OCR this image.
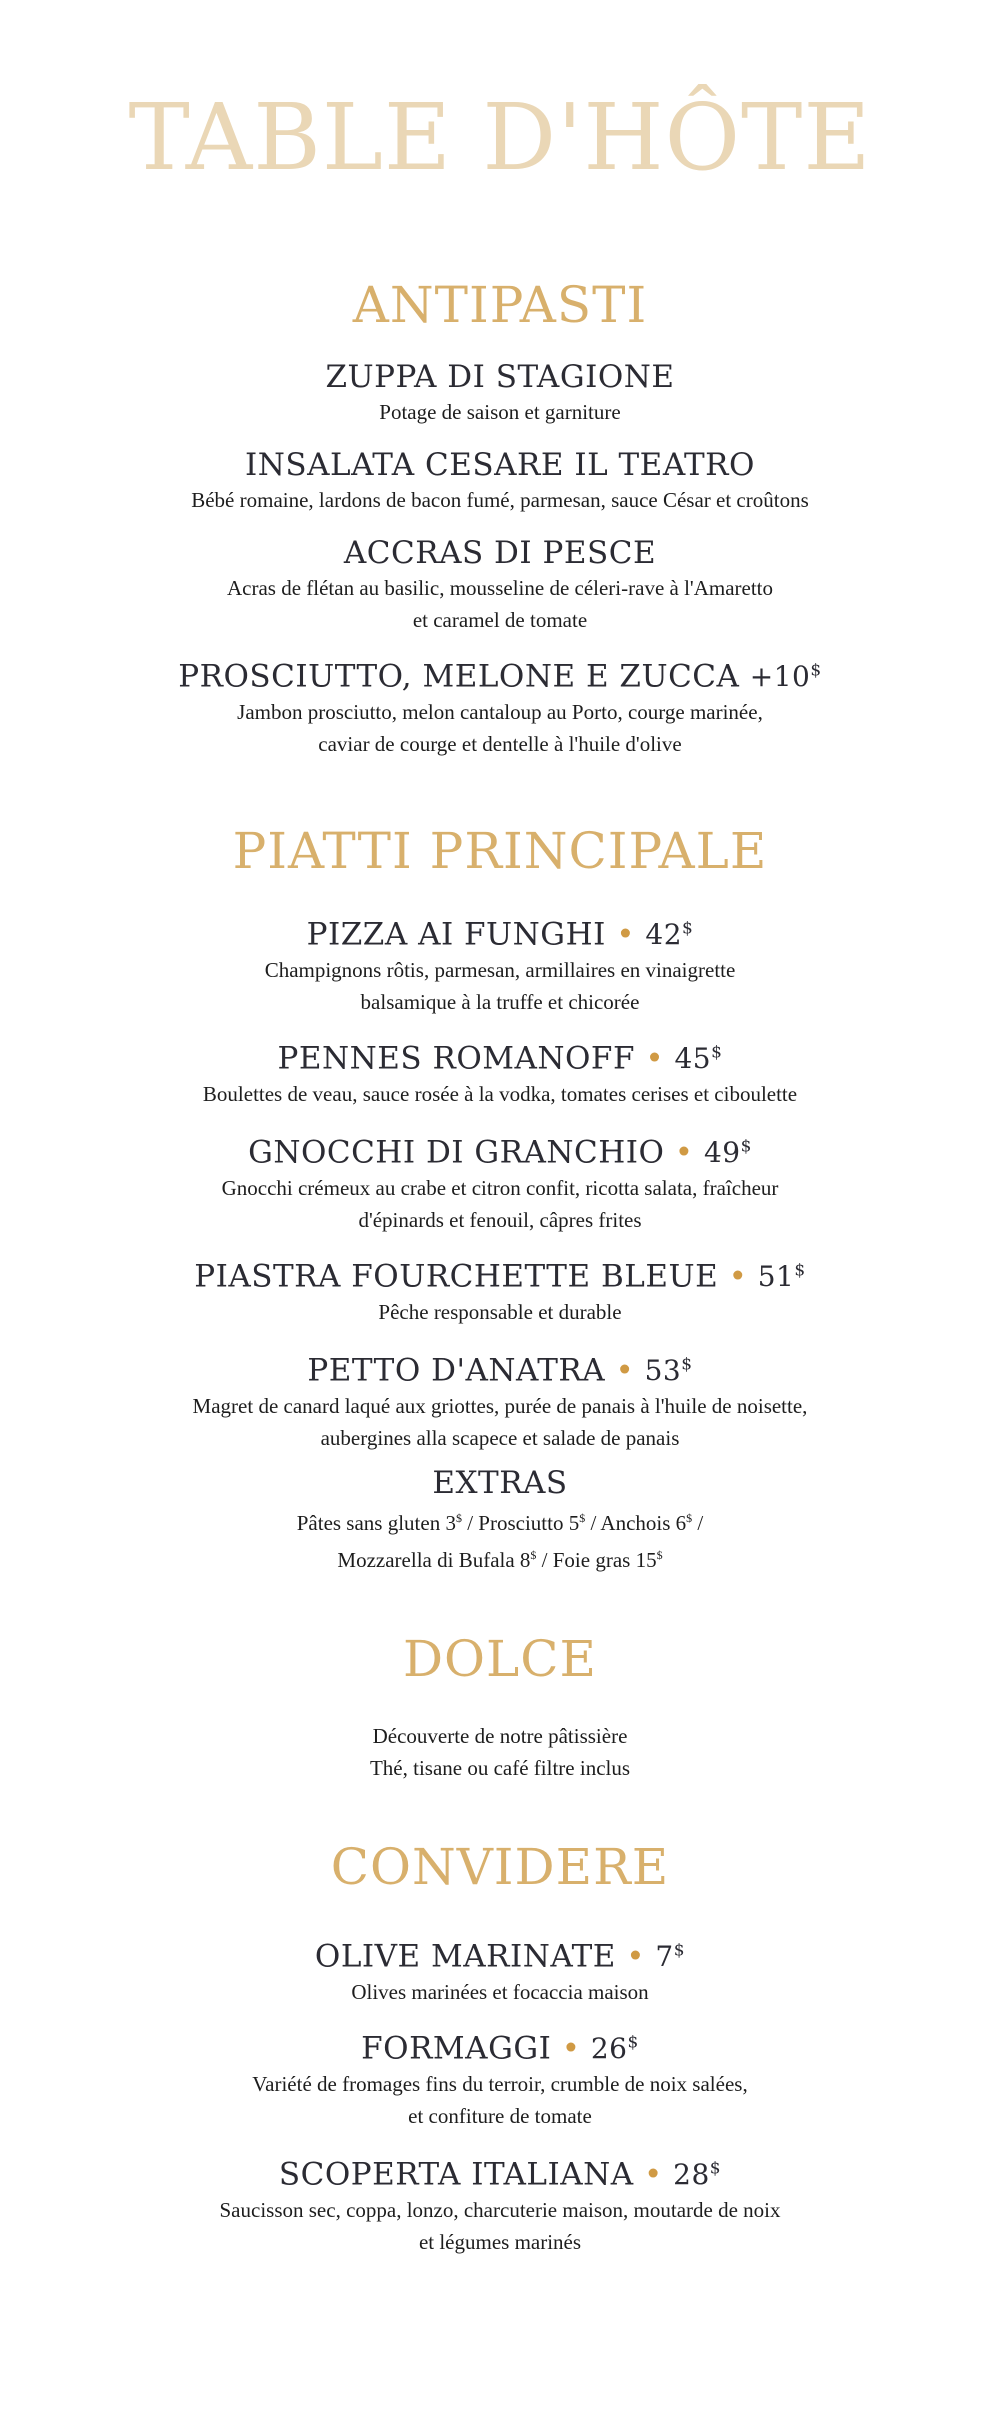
TABLE D'HÔTE
ANTIPASTI

ZUPPA DI STAGIONE

Potage de saison et garniture

INSALATA CESARE IL TEATRO

Bébé romaine, lardons de bacon fumé, parmesan, sauce César et croûtons

ACCRAS DI PESCE

Acras de flétan au basilic, mousseline de céleri-rave à l'Amaretto

et caramel de tomate

PROSCIUTTO, MELONE E ZUCCA +10$

Jambon prosciutto, melon cantaloup au Porto, courge marinée,

caviar de courge et dentelle à l'huile d'olive

PIATTI PRINCIPALE

PIZZA AI FUNGHI • 42$

Champignons rôtis, parmesan, armillaires en vinaigrette

balsamique à la truffe et chicorée

PENNES ROMANOFF • 45$

Boulettes de veau, sauce rosée à la vodka, tomates cerises et ciboulette

GNOCCHI DI GRANCHIO • 49$

Gnocchi crémeux au crabe et citron confit, ricotta salata, fraîcheur

d'épinards et fenouil, câpres frites

PIASTRA FOURCHETTE BLEUE • 51$

Pêche responsable et durable

PETTO D'ANATRA • 53$

Magret de canard laqué aux griottes, purée de panais à l'huile de noisette,

aubergines alla scapece et salade de panais

EXTRAS

Pâtes sans gluten 3$ / Prosciutto 5$ / Anchois 6$ /

Mozzarella di Bufala 8$ / Foie gras 15$

DOLCE

Découverte de notre pâtissière

Thé, tisane ou café filtre inclus

CONVIDERE

OLIVE MARINATE • 7$

Olives marinées et focaccia maison

FORMAGGI • 26$

Variété de fromages fins du terroir, crumble de noix salées,

et confiture de tomate

SCOPERTA ITALIANA • 28$

Saucisson sec, coppa, lonzo, charcuterie maison, moutarde de noix

et légumes marinés
